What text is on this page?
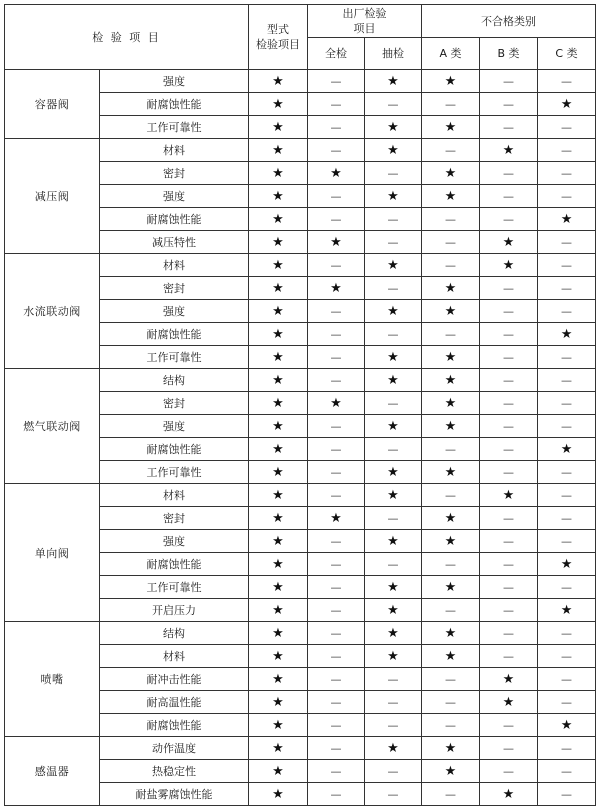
检 验 项 目		型式
检验项目	出厂检验
项目		不合格类别		
			全检	抽检	A 类	B 类	C 类
容器阀	强度	★	—	★	★	—	—
	耐腐蚀性能	★	—	—	—	—	★
	工作可靠性	★	—	★	★	—	—
减压阀	材料	★	—	★	—	★	—
	密封	★	★	—	★	—	—
	强度	★	—	★	★	—	—
	耐腐蚀性能	★	—	—	—	—	★
	减压特性	★	★	—	—	★	—
水流联动阀	材料	★	—	★	—	★	—
	密封	★	★	—	★	—	—
	强度	★	—	★	★	—	—
	耐腐蚀性能	★	—	—	—	—	★
	工作可靠性	★	—	★	★	—	—
燃气联动阀	结构	★	—	★	★	—	—
	密封	★	★	—	★	—	—
	强度	★	—	★	★	—	—
	耐腐蚀性能	★	—	—	—	—	★
	工作可靠性	★	—	★	★	—	—
单向阀	材料	★	—	★	—	★	—
	密封	★	★	—	★	—	—
	强度	★	—	★	★	—	—
	耐腐蚀性能	★	—	—	—	—	★
	工作可靠性	★	—	★	★	—	—
	开启压力	★	—	★	—	—	★
喷嘴	结构	★	—	★	★	—	—
	材料	★	—	★	★	—	—
	耐冲击性能	★	—	—	—	★	—
	耐高温性能	★	—	—	—	★	—
	耐腐蚀性能	★	—	—	—	—	★
感温器	动作温度	★	—	★	★	—	—
	热稳定性	★	—	—	★	—	—
	耐盐雾腐蚀性能	★	—	—	—	★	—
